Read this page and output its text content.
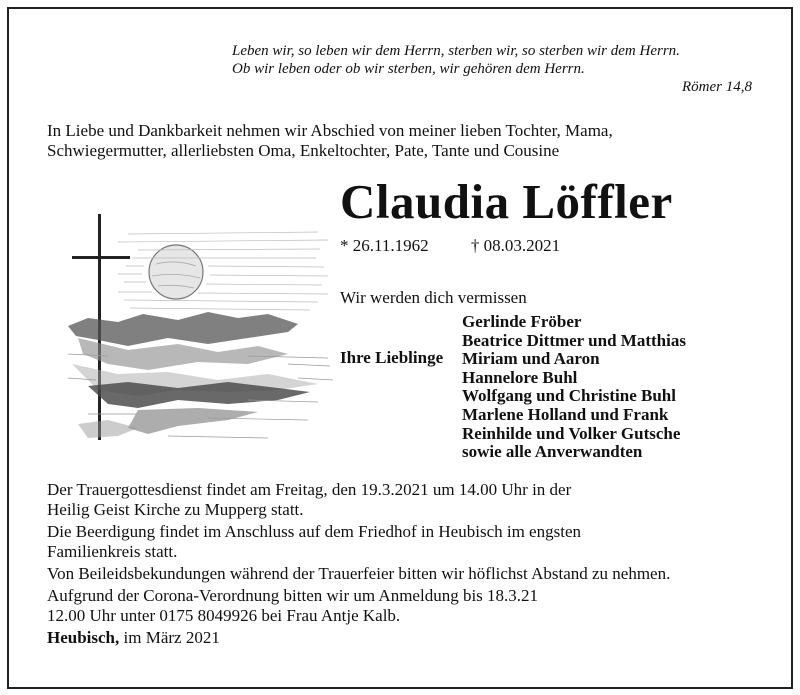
Leben wir, so leben wir dem Herrn, sterben wir, so sterben wir dem Herrn.
Ob wir leben oder ob wir sterben, wir gehören dem Herrn.
Römer 14,8
In Liebe und Dankbarkeit nehmen wir Abschied von meiner lieben Tochter, Mama,
Schwiegermutter, allerliebsten Oma, Enkeltochter, Pate, Tante und Cousine
Claudia Löffler
* 26.11.1962 † 08.03.2021
Wir werden dich vermissen
Ihre Lieblinge
Gerlinde Fröber
Beatrice Dittmer und Matthias
Miriam und Aaron
Hannelore Buhl
Wolfgang und Christine Buhl
Marlene Holland und Frank
Reinhilde und Volker Gutsche
sowie alle Anverwandten

Der Trauergottesdienst findet am Freitag, den 19.3.2021 um 14.00 Uhr in der
Heilig Geist Kirche zu Mupperg statt.

Die Beerdigung findet im Anschluss auf dem Friedhof in Heubisch im engsten
Familienkreis statt.

Von Beileidsbekundungen während der Trauerfeier bitten wir höflichst Abstand zu nehmen.

Aufgrund der Corona-Verordnung bitten wir um Anmeldung bis 18.3.21
12.00 Uhr unter 0175 8049926 bei Frau Antje Kalb.

Heubisch, im März 2021
